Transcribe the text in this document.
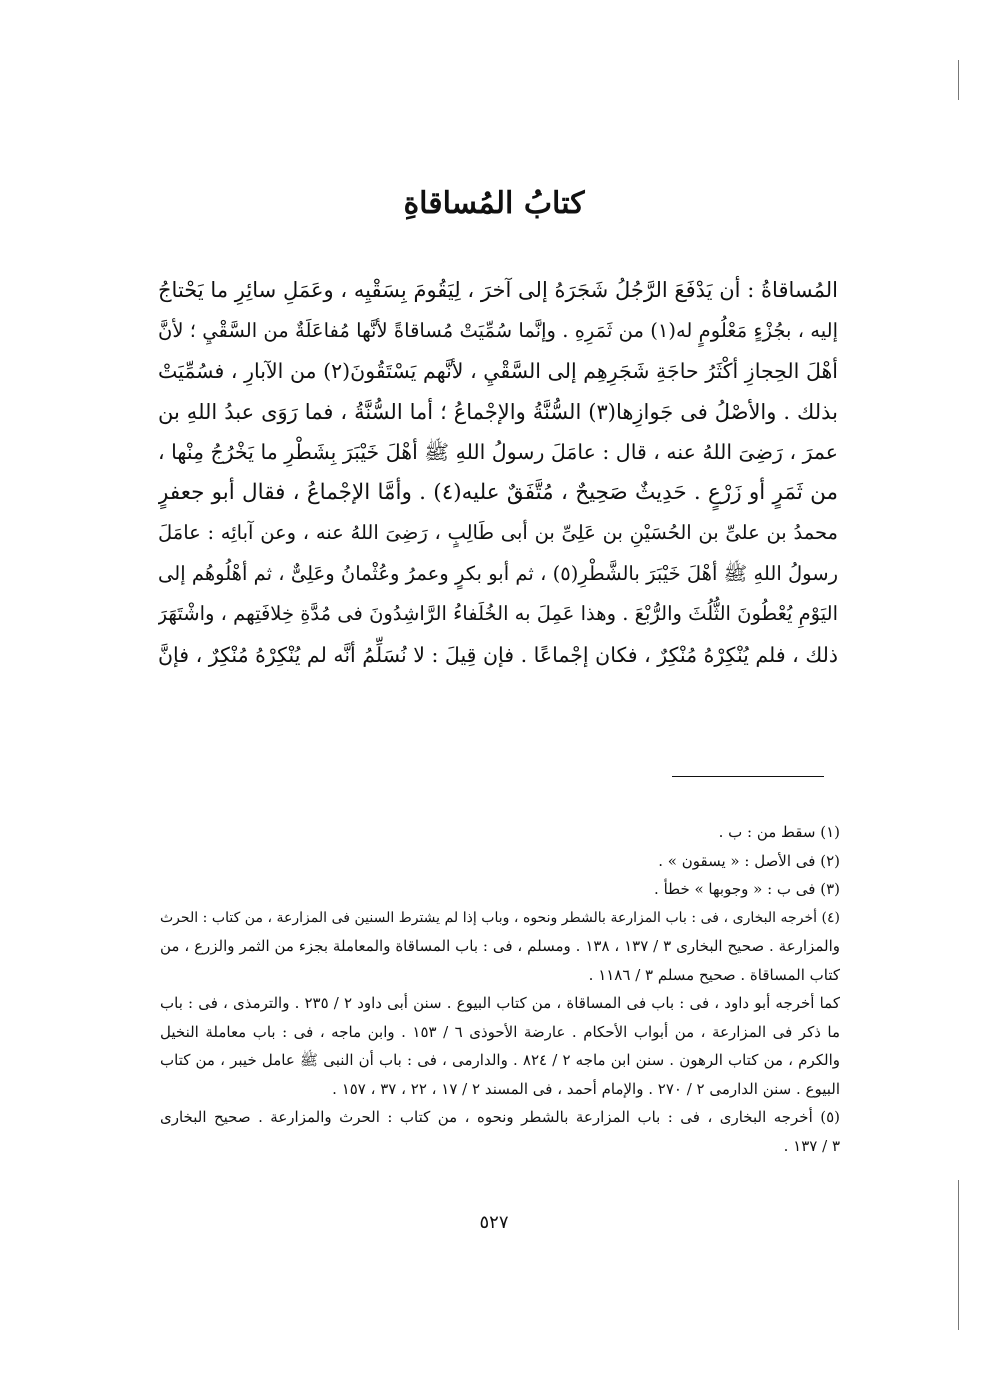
كتابُ المُساقاةِ
المُساقاةُ : أن يَدْفَعَ الرَّجُلُ شَجَرَهُ إلى آخرَ ، لِيَقُومَ بِسَقْيِه ، وعَمَلِ سائِرِ ما يَحْتاجُ
إليه ، بجُزْءٍ مَعْلُومٍ له(١) من ثَمَرِهِ . وإنَّما سُمِّيَتْ مُساقاةً لأنَّها مُفاعَلَةٌ من السَّقْيِ ؛ لأنَّ
أهْلَ الحِجازِ أكْثَرُ حاجَةِ شَجَرِهِم إلى السَّقْيِ ، لأنَّهم يَسْتَقُونَ(٢) من الآبارِ ، فسُمِّيَتْ
بذلك . والأصْلُ فى جَوازِها(٣) السُّنَّةُ والإجْماعُ ؛ أما السُّنَّةُ ، فما رَوَى عبدُ اللهِ بن
عمرَ ، رَضِىَ اللهُ عنه ، قال : عامَلَ رسولُ اللهِ ﷺ أهْلَ خَيْبَرَ بِشَطْرِ ما يَخْرُجُ مِنْها ،
من ثَمَرٍ أو زَرْعٍ . حَدِيثٌ صَحِيحٌ ، مُتَّفَقٌ عليه(٤) . وأمَّا الإجْماعُ ، فقال أبو جعفرٍ
محمدُ بن علىِّ بن الحُسَيْنِ بن عَلِىِّ بن أبى طَالِبٍ ، رَضِىَ اللهُ عنه ، وعن آبائِه : عامَلَ
رسولُ اللهِ ﷺ أهْلَ خَيْبَرَ بالشَّطْرِ(٥) ، ثم أبو بكرٍ وعمرُ وعُثْمانُ وعَلِىٌّ ، ثم أهْلُوهُم إلى
اليَوْمِ يُعْطُونَ الثُّلُثَ والرُّبْعَ . وهذا عَمِلَ به الخُلَفاءُ الرَّاشِدُونَ فى مُدَّةِ خِلافَتِهم ، واشْتَهَرَ
ذلك ، فلم يُنْكِرْهُ مُنْكِرٌ ، فكان إجْماعًا . فإن قِيلَ : لا نُسَلِّمُ أنَّه لم يُنْكِرْهُ مُنْكِرٌ ، فإنَّ
(١) سقط من : ب .
(٢) فى الأصل : « يسقون » .
(٣) فى ب : « وجوبها » خطأ .
(٤) أخرجه البخارى ، فى : باب المزارعة بالشطر ونحوه ، وباب إذا لم يشترط السنين فى المزارعة ، من كتاب : الحرث
والمزارعة . صحيح البخارى ٣ / ١٣٧ ، ١٣٨ . ومسلم ، فى : باب المساقاة والمعاملة بجزء من الثمر والزرع ، من
كتاب المساقاة . صحيح مسلم ٣ / ١١٨٦ .
كما أخرجه أبو داود ، فى : باب فى المساقاة ، من كتاب البيوع . سنن أبى داود ٢ / ٢٣٥ . والترمذى ، فى : باب
ما ذكر فى المزارعة ، من أبواب الأحكام . عارضة الأحوذى ٦ / ١٥٣ . وابن ماجه ، فى : باب معاملة النخيل
والكرم ، من كتاب الرهون . سنن ابن ماجه ٢ / ٨٢٤ . والدارمى ، فى : باب أن النبى ﷺ عامل خيبر ، من كتاب
البيوع . سنن الدارمى ٢ / ٢٧٠ . والإمام أحمد ، فى المسند ٢ / ١٧ ، ٢٢ ، ٣٧ ، ١٥٧ .
(٥) أخرجه البخارى ، فى : باب المزارعة بالشطر ونحوه ، من كتاب : الحرث والمزارعة . صحيح البخارى
٣ / ١٣٧ .
٥٢٧
